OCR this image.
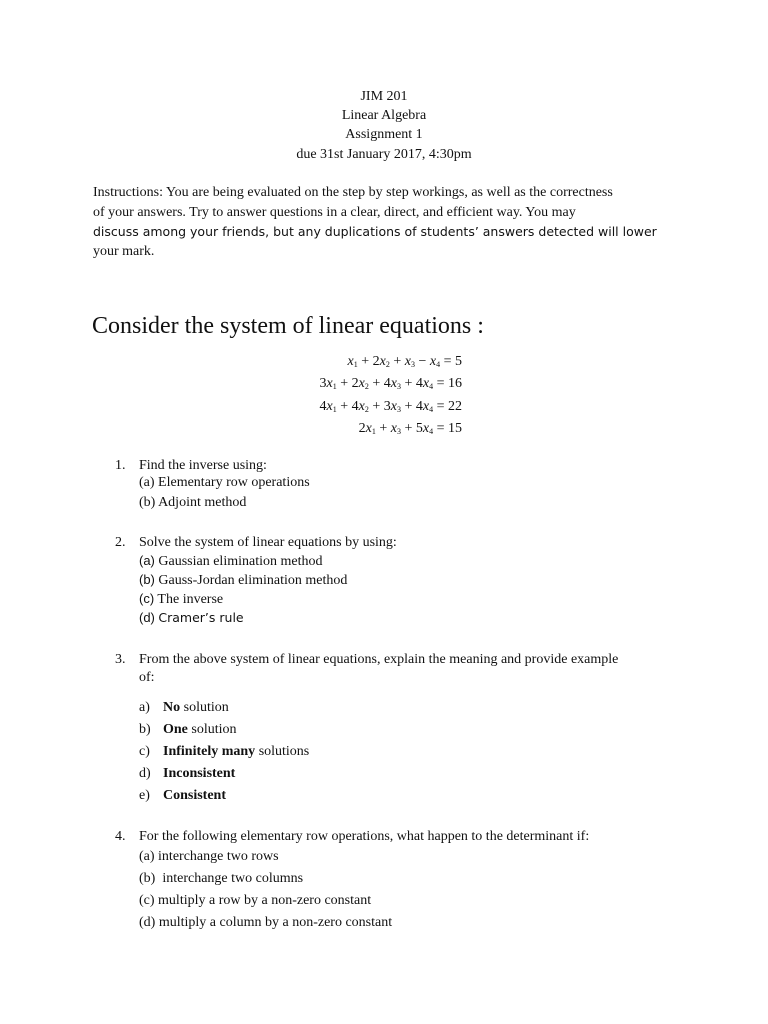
JIM 201
Linear Algebra
Assignment 1
due 31st January 2017, 4:30pm
Instructions: You are being evaluated on the step by step workings, as well as the correctness
of your answers. Try to answer questions in a clear, direct, and efficient way. You may
discuss among your friends, but any duplications of students’ answers detected will lower
your mark.
Consider the system of linear equations :
$x_1 + 2x_2 + x_3 - x_4 = 5$
$3x_1 + 2x_2 + 4x_3 + 4x_4 = 16$
$4x_1 + 4x_2 + 3x_3 + 4x_4 = 22$
$2x_1 + x_3 + 5x_4 = 15$
1. Find the inverse using:
(a) Elementary row operations
(b) Adjoint method
2. Solve the system of linear equations by using:
(a) Gaussian elimination method
(b) Gauss-Jordan elimination method
(c) The inverse
(d) Cramer’s rule
3. From the above system of linear equations, explain the meaning and provide example
of:
a) No solution
b) One solution
c) Infinitely many solutions
d) Inconsistent
e) Consistent
4. For the following elementary row operations, what happen to the determinant if:
(a) interchange two rows
(b)  interchange two columns
(c) multiply a row by a non-zero constant
(d) multiply a column by a non-zero constant
